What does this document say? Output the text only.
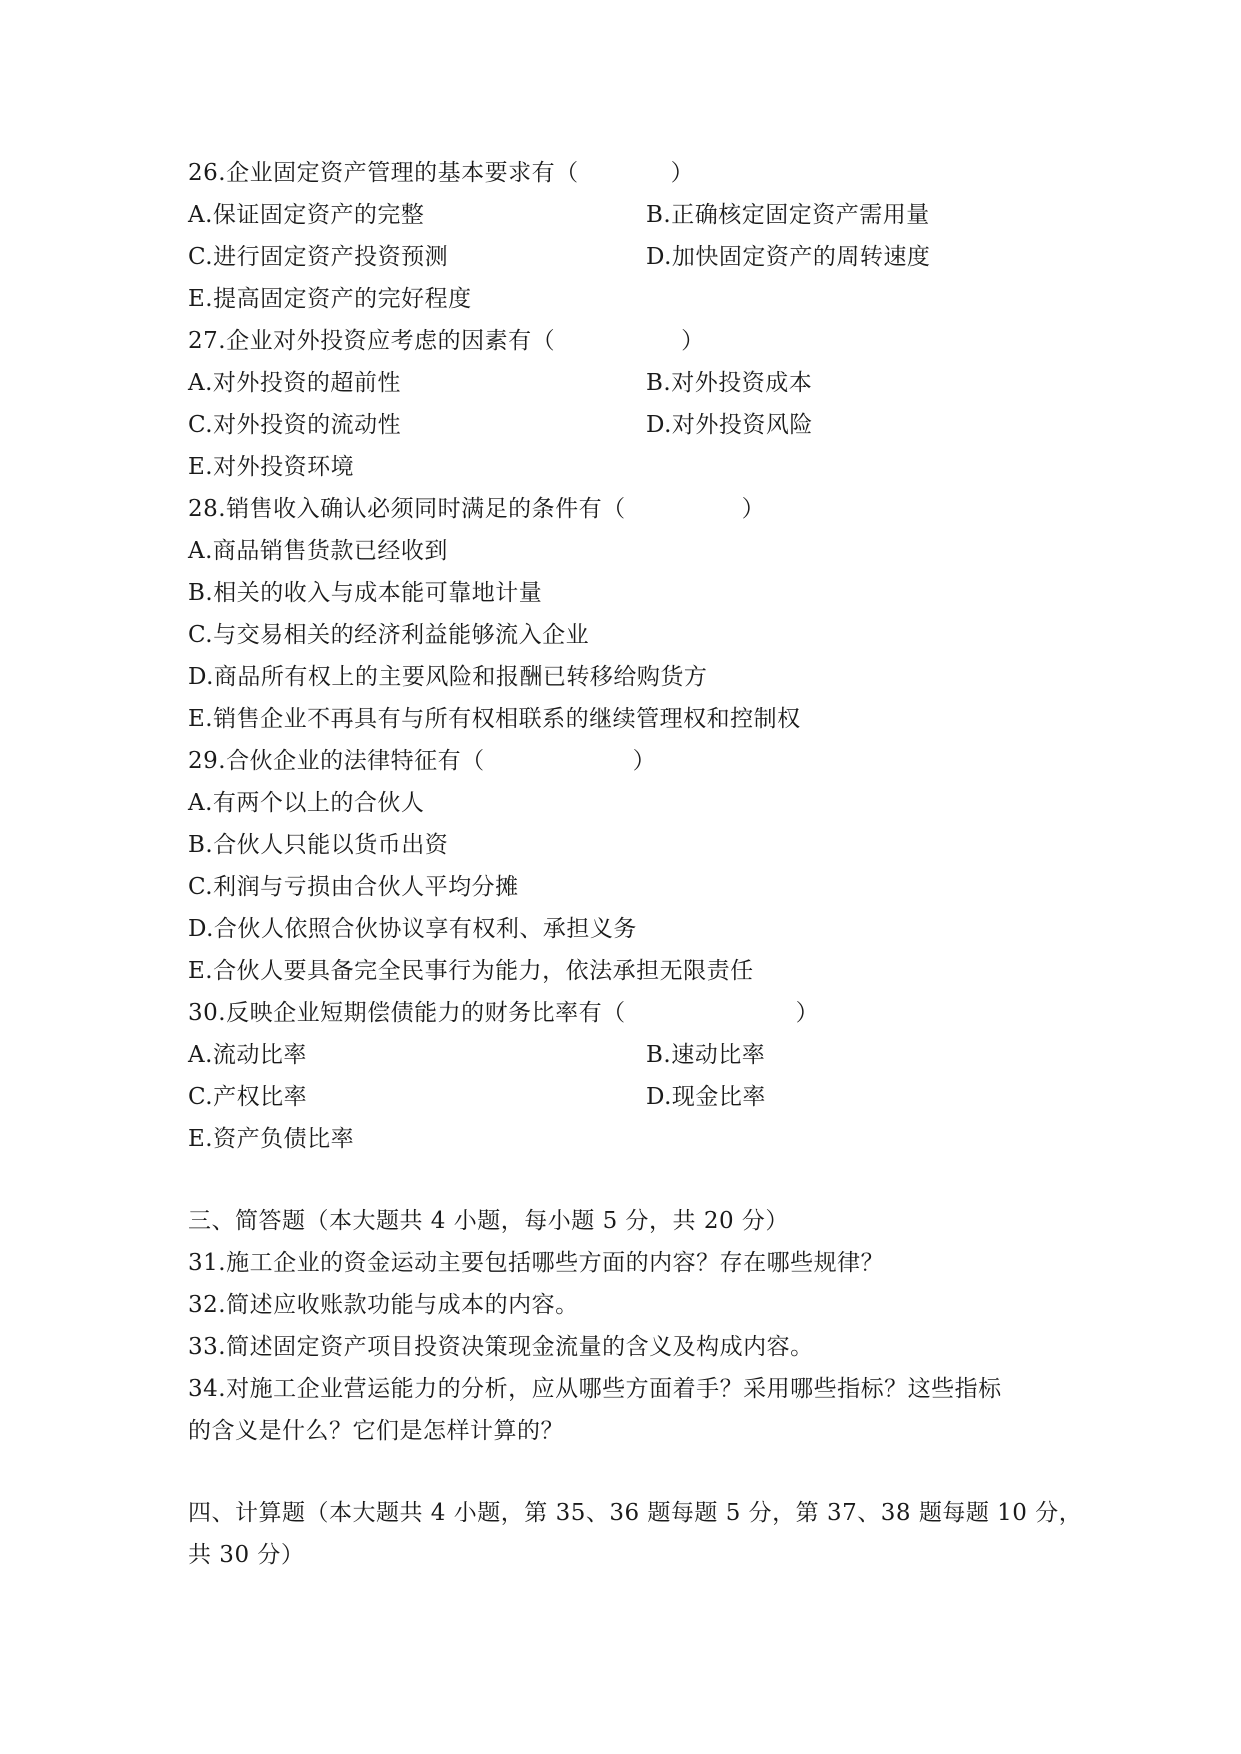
26.企业固定资产管理的基本要求有（	）
A.保证固定资产的完整	B.正确核定固定资产需用量
C.进行固定资产投资预测	D.加快固定资产的周转速度
E.提高固定资产的完好程度
27.企业对外投资应考虑的因素有（	）
A.对外投资的超前性	B.对外投资成本
C.对外投资的流动性	D.对外投资风险
E.对外投资环境
28.销售收入确认必须同时满足的条件有（	）
A.商品销售货款已经收到
B.相关的收入与成本能可靠地计量
C.与交易相关的经济利益能够流入企业
D.商品所有权上的主要风险和报酬已转移给购货方
E.销售企业不再具有与所有权相联系的继续管理权和控制权
29.合伙企业的法律特征有（	）
A.有两个以上的合伙人
B.合伙人只能以货币出资
C.利润与亏损由合伙人平均分摊
D.合伙人依照合伙协议享有权利、承担义务
E.合伙人要具备完全民事行为能力，依法承担无限责任
30.反映企业短期偿债能力的财务比率有（	）
A.流动比率	B.速动比率
C.产权比率	D.现金比率
E.资产负债比率
三、简答题（本大题共 4 小题，每小题 5 分，共 20 分）
31.施工企业的资金运动主要包括哪些方面的内容？存在哪些规律？
32.简述应收账款功能与成本的内容。
33.简述固定资产项目投资决策现金流量的含义及构成内容。
34.对施工企业营运能力的分析，应从哪些方面着手？采用哪些指标？这些指标
的含义是什么？它们是怎样计算的？
四、计算题（本大题共 4 小题，第 35、36 题每题 5 分，第 37、38 题每题 10 分，
共 30 分）
